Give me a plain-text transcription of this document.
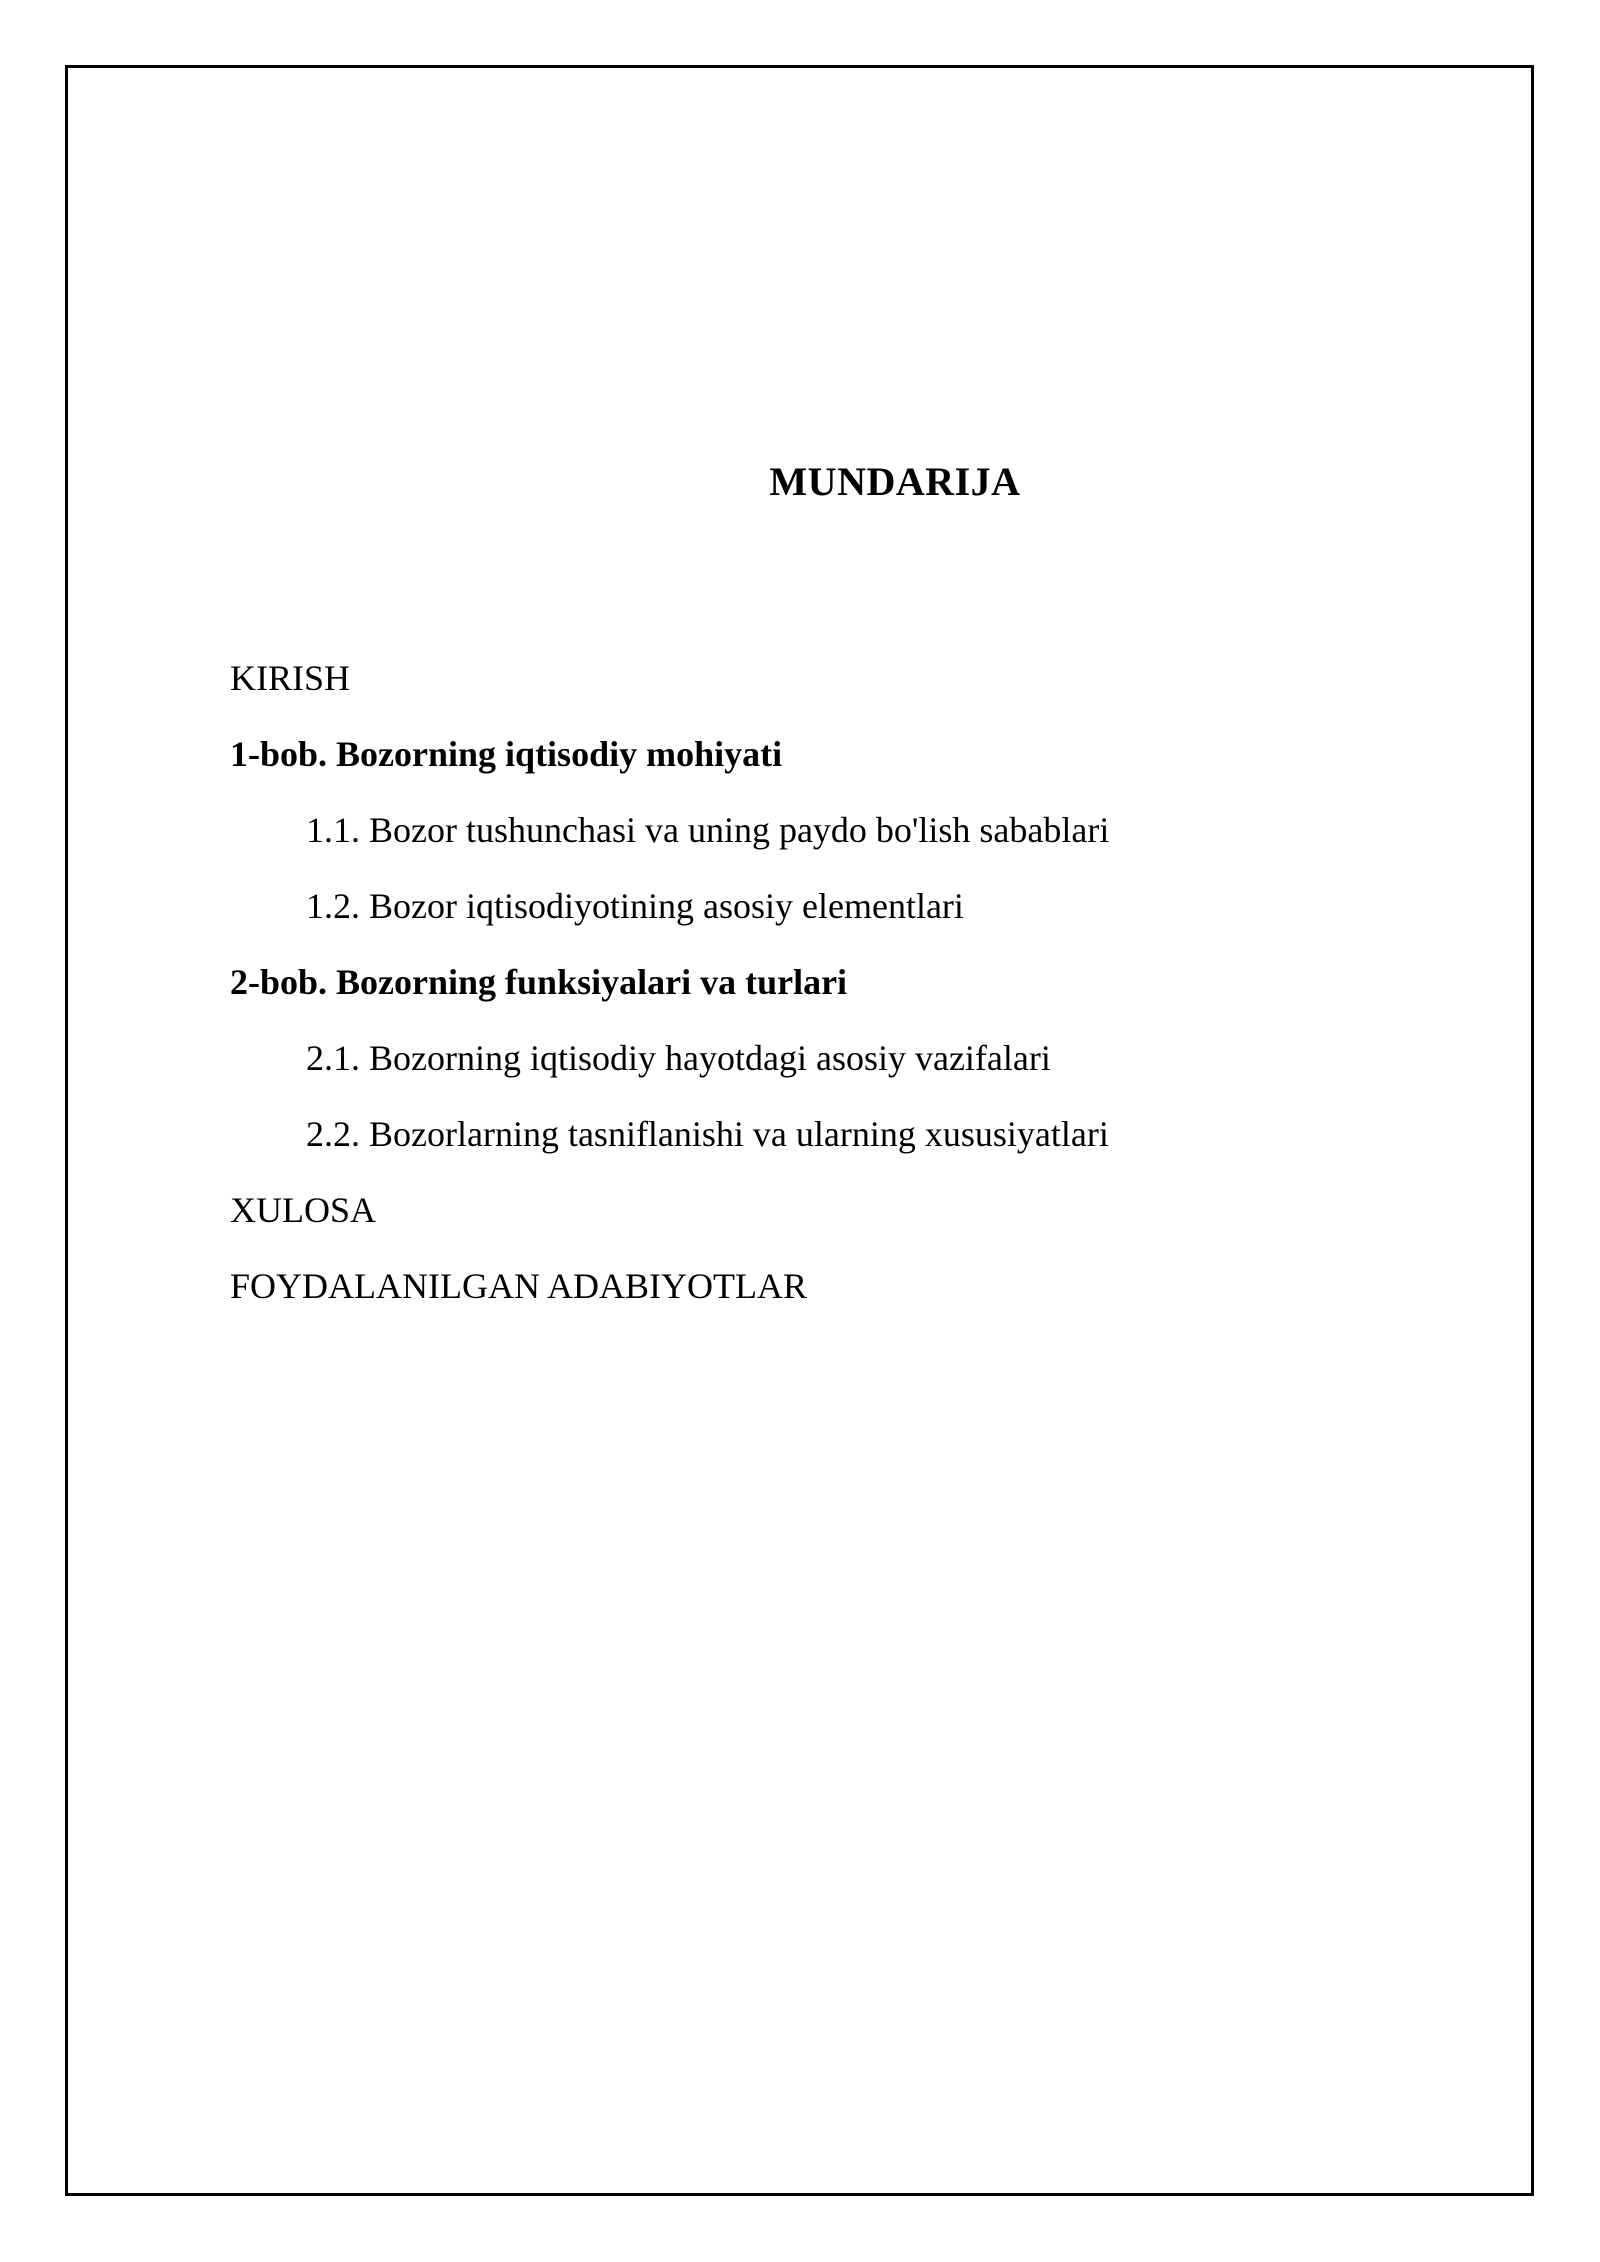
MUNDARIJA
KIRISH
1-bob. Bozorning iqtisodiy mohiyati
1.1. Bozor tushunchasi va uning paydo bo'lish sabablari
1.2. Bozor iqtisodiyotining asosiy elementlari
2-bob. Bozorning funksiyalari va turlari
2.1. Bozorning iqtisodiy hayotdagi asosiy vazifalari
2.2. Bozorlarning tasniflanishi va ularning xususiyatlari
XULOSA
FOYDALANILGAN ADABIYOTLAR
